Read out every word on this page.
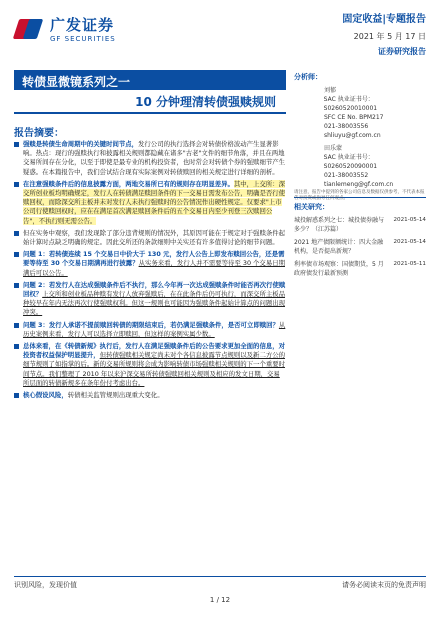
广发证券
GF SECURITIES
固定收益|专题报告
2021 年 5 月 17 日
证券研究报告
转债显微镜系列之一
10 分钟理清转债强赎规则
报告摘要：
强赎是转债生命周期中的关键时间节点，发行公司的执行选择会对转债价格波动产生显著影响。热点：现行的强赎执行和披露相关规则都隐藏在诸多"古老"文件的细节角落，并且在两地交易所间存在分化，以至于即使是最专业的机构投资者，也时常会对转债个券的强赎细节产生疑惑。在本篇报告中，我们尝试结合现有实际案例对转债赎回的相关规定进行详细的剖析。
在注意强赎条件后的信息披露方面，两地交易所已有的规则存在明显差异。其中，上交所：深交所创业板均明确规定，发行人在转债满足赎回条件的下一交易日需发布公告，明确是否行使赎回权，而除深交所主板并未对发行人未执行强赎时的公告情况作出硬性规定。仅要求"上市公司行使赎回权时，应在在满足首次满足赎回条件后的五个交易日内至少刊登三次赎回公告"，不执行则无需公告。
但在实务中观察，我们发现除了部分违背规则的情况外，其原因可能在于规定对于强赎条件起始计算时点缺乏明确的规定。因此交所还的条款细则中关实还有许多值得讨论的细节问题。
问题 1：若转债连续 15 个交易日中价大于 130 元，发行人公告上即发布赎回公告，还是需要等待至 30 个交易日期满再进行披露？从实务来看，发行人并不需要等待至 30 个交易日期满后可以公告。
问题 2：若发行人在达成强赎条件后不执行，那么今年再一次达成强赎条件时能否再次行使赎回权？上交所和创业板品种赎有发行人放弃强赎后，在在此条件后仍可执行，而深交所主板品种较早在年内无法再次行使强赎权利。但这一规则也可能因为强赎条件起始计算点的问题出现冲突。
问题 3：发行人承诺不提前赎回转债的期限结束后，若仍满足强赎条件，是否可立即赎回？从历史案例来看，发行人可以选择立即赎回，但这样的案例实属少数。
总体来看，在《转债新规》执行后，发行人在满足强赎条件后的公告要求更加全面的信息，对投资者权益保护明显提升，但转债强赎相关规定尚未对个各信息披露节点规则以及新二方公的细节规则了如指掌的后。新的交易所规则将会成为影响转债市场强赎相关规则的下一个重要时间节点。我们整理了 2010 年以来沪深交易所转债强赎回相关规则及相应的发文日期，交易所层面的转债新规多在条年份付考虑出台。
核心假设风险，转债相关监管规则出现重大变化。
分析师：
刘郁
SAC 执业证书号：S0260520010001
SFC CE No. BPM217
021-38003556
shliuyu@gf.com.cn
田乐蒙
SAC 执业证书号：S0260520090001
021-38003552
tianlemeng@gf.com.cn
相关研究：
城投解惑系列之七：城投债券融与多少？（江苏篇）
2021-05-14
2021 地产债限额统计：四大金融机构，是否提出新规？
2021-05-14
利率债市场观察：国债期货，5 月政府债发行最新预测
2021-05-11
请注意，报告中提到的各家公司信息及数据仅供参考，不代表本报告对投资或指导任何观点。
识别风险，发现价值	请务必阅读末页的免责声明
1 / 12
